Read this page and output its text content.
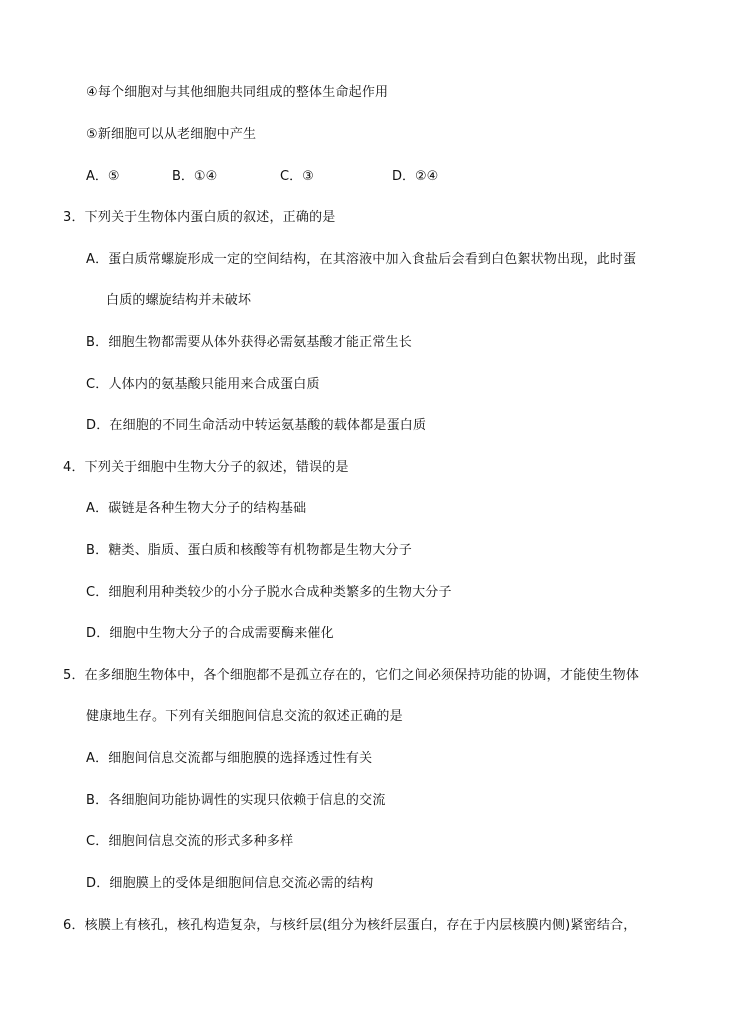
④每个细胞对与其他细胞共同组成的整体生命起作用
⑤新细胞可以从老细胞中产生
A．⑤	B．①④	C．③	D．②④
3．下列关于生物体内蛋白质的叙述，正确的是
A．蛋白质常螺旋形成一定的空间结构，在其溶液中加入食盐后会看到白色絮状物出现，此时蛋
白质的螺旋结构并未破坏
B．细胞生物都需要从体外获得必需氨基酸才能正常生长
C．人体内的氨基酸只能用来合成蛋白质
D．在细胞的不同生命活动中转运氨基酸的载体都是蛋白质
4．下列关于细胞中生物大分子的叙述，错误的是
A．碳链是各种生物大分子的结构基础
B．糖类、脂质、蛋白质和核酸等有机物都是生物大分子
C．细胞利用种类较少的小分子脱水合成种类繁多的生物大分子
D．细胞中生物大分子的合成需要酶来催化
5．在多细胞生物体中，各个细胞都不是孤立存在的，它们之间必须保持功能的协调，才能使生物体
健康地生存。下列有关细胞间信息交流的叙述正确的是
A．细胞间信息交流都与细胞膜的选择透过性有关
B．各细胞间功能协调性的实现只依赖于信息的交流
C．细胞间信息交流的形式多种多样
D．细胞膜上的受体是细胞间信息交流必需的结构
6．核膜上有核孔，核孔构造复杂，与核纤层(组分为核纤层蛋白，存在于内层核膜内侧)紧密结合，
